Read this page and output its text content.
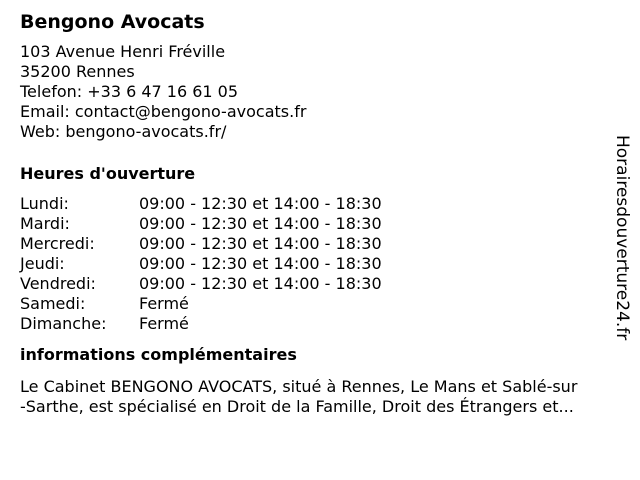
Bengono Avocats
103 Avenue Henri Fréville
35200 Rennes
Telefon: +33 6 47 16 61 05
Email: contact@bengono-avocats.fr
Web: bengono-avocats.fr/
Heures d'ouverture
Lundi:	09:00 - 12:30 et 14:00 - 18:30
Mardi:	09:00 - 12:30 et 14:00 - 18:30
Mercredi:	09:00 - 12:30 et 14:00 - 18:30
Jeudi:	09:00 - 12:30 et 14:00 - 18:30
Vendredi:	09:00 - 12:30 et 14:00 - 18:30
Samedi:	Fermé
Dimanche:	Fermé
informations complémentaires
Le Cabinet BENGONO AVOCATS, situé à Rennes, Le Mans et Sablé-sur
-Sarthe, est spécialisé en Droit de la Famille, Droit des Étrangers et...
Horairesdouverture24.fr
